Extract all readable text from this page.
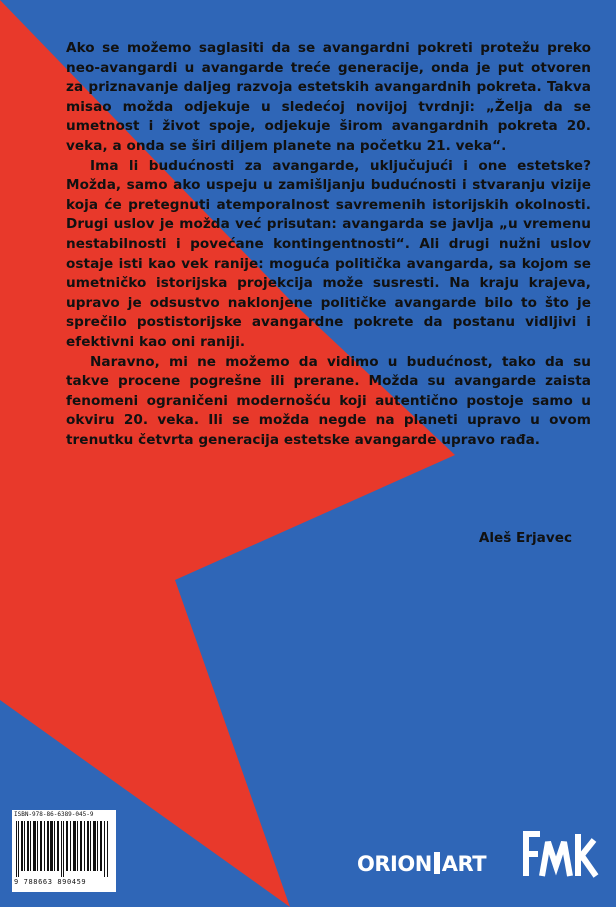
Ako se možemo saglasiti da se avangardni pokreti protežu preko neo-avangardi u avangarde treće generacije, onda je put otvoren za priznavanje daljeg razvoja estetskih avangardnih pokreta. Takva misao možda odjekuje u sledećoj novijoj tvrdnji: „Želja da se umetnost i život spoje, odjekuje širom avangardnih pokreta 20. veka, a onda se širi diljem planete na početku 21. veka“.

Ima li budućnosti za avangarde, uključujući i one estetske? Možda, samo ako uspeju u zamišljanju budućnosti i stvaranju vizije koja će pretegnuti atemporalnost savremenih istorijskih okolnosti. Drugi uslov je možda već prisutan: avangarda se javlja „u vremenu nestabilnosti i povećane kontingentnosti“. Ali drugi nužni uslov ostaje isti kao vek ranije: moguća politička avangarda, sa kojom se umetničko istorijska projekcija može susresti. Na kraju krajeva, upravo je odsustvo naklonjene političke avangarde bilo to što je sprečilo postistorijske avangardne pokrete da postanu vidljivi i efektivni kao oni raniji.

Naravno, mi ne možemo da vidimo u budućnost, tako da su takve procene pogrešne ili prerane. Možda su avangarde zaista fenomeni ograničeni modernošću koji autentično postoje samo u okviru 20. veka. Ili se možda negde na planeti upravo u ovom trenutku četvrta generacija estetske avangarde upravo rađa.

Aleš Erjavec
ISBN-978-86-6389-045-9
9 788663 890459
ORION ART
